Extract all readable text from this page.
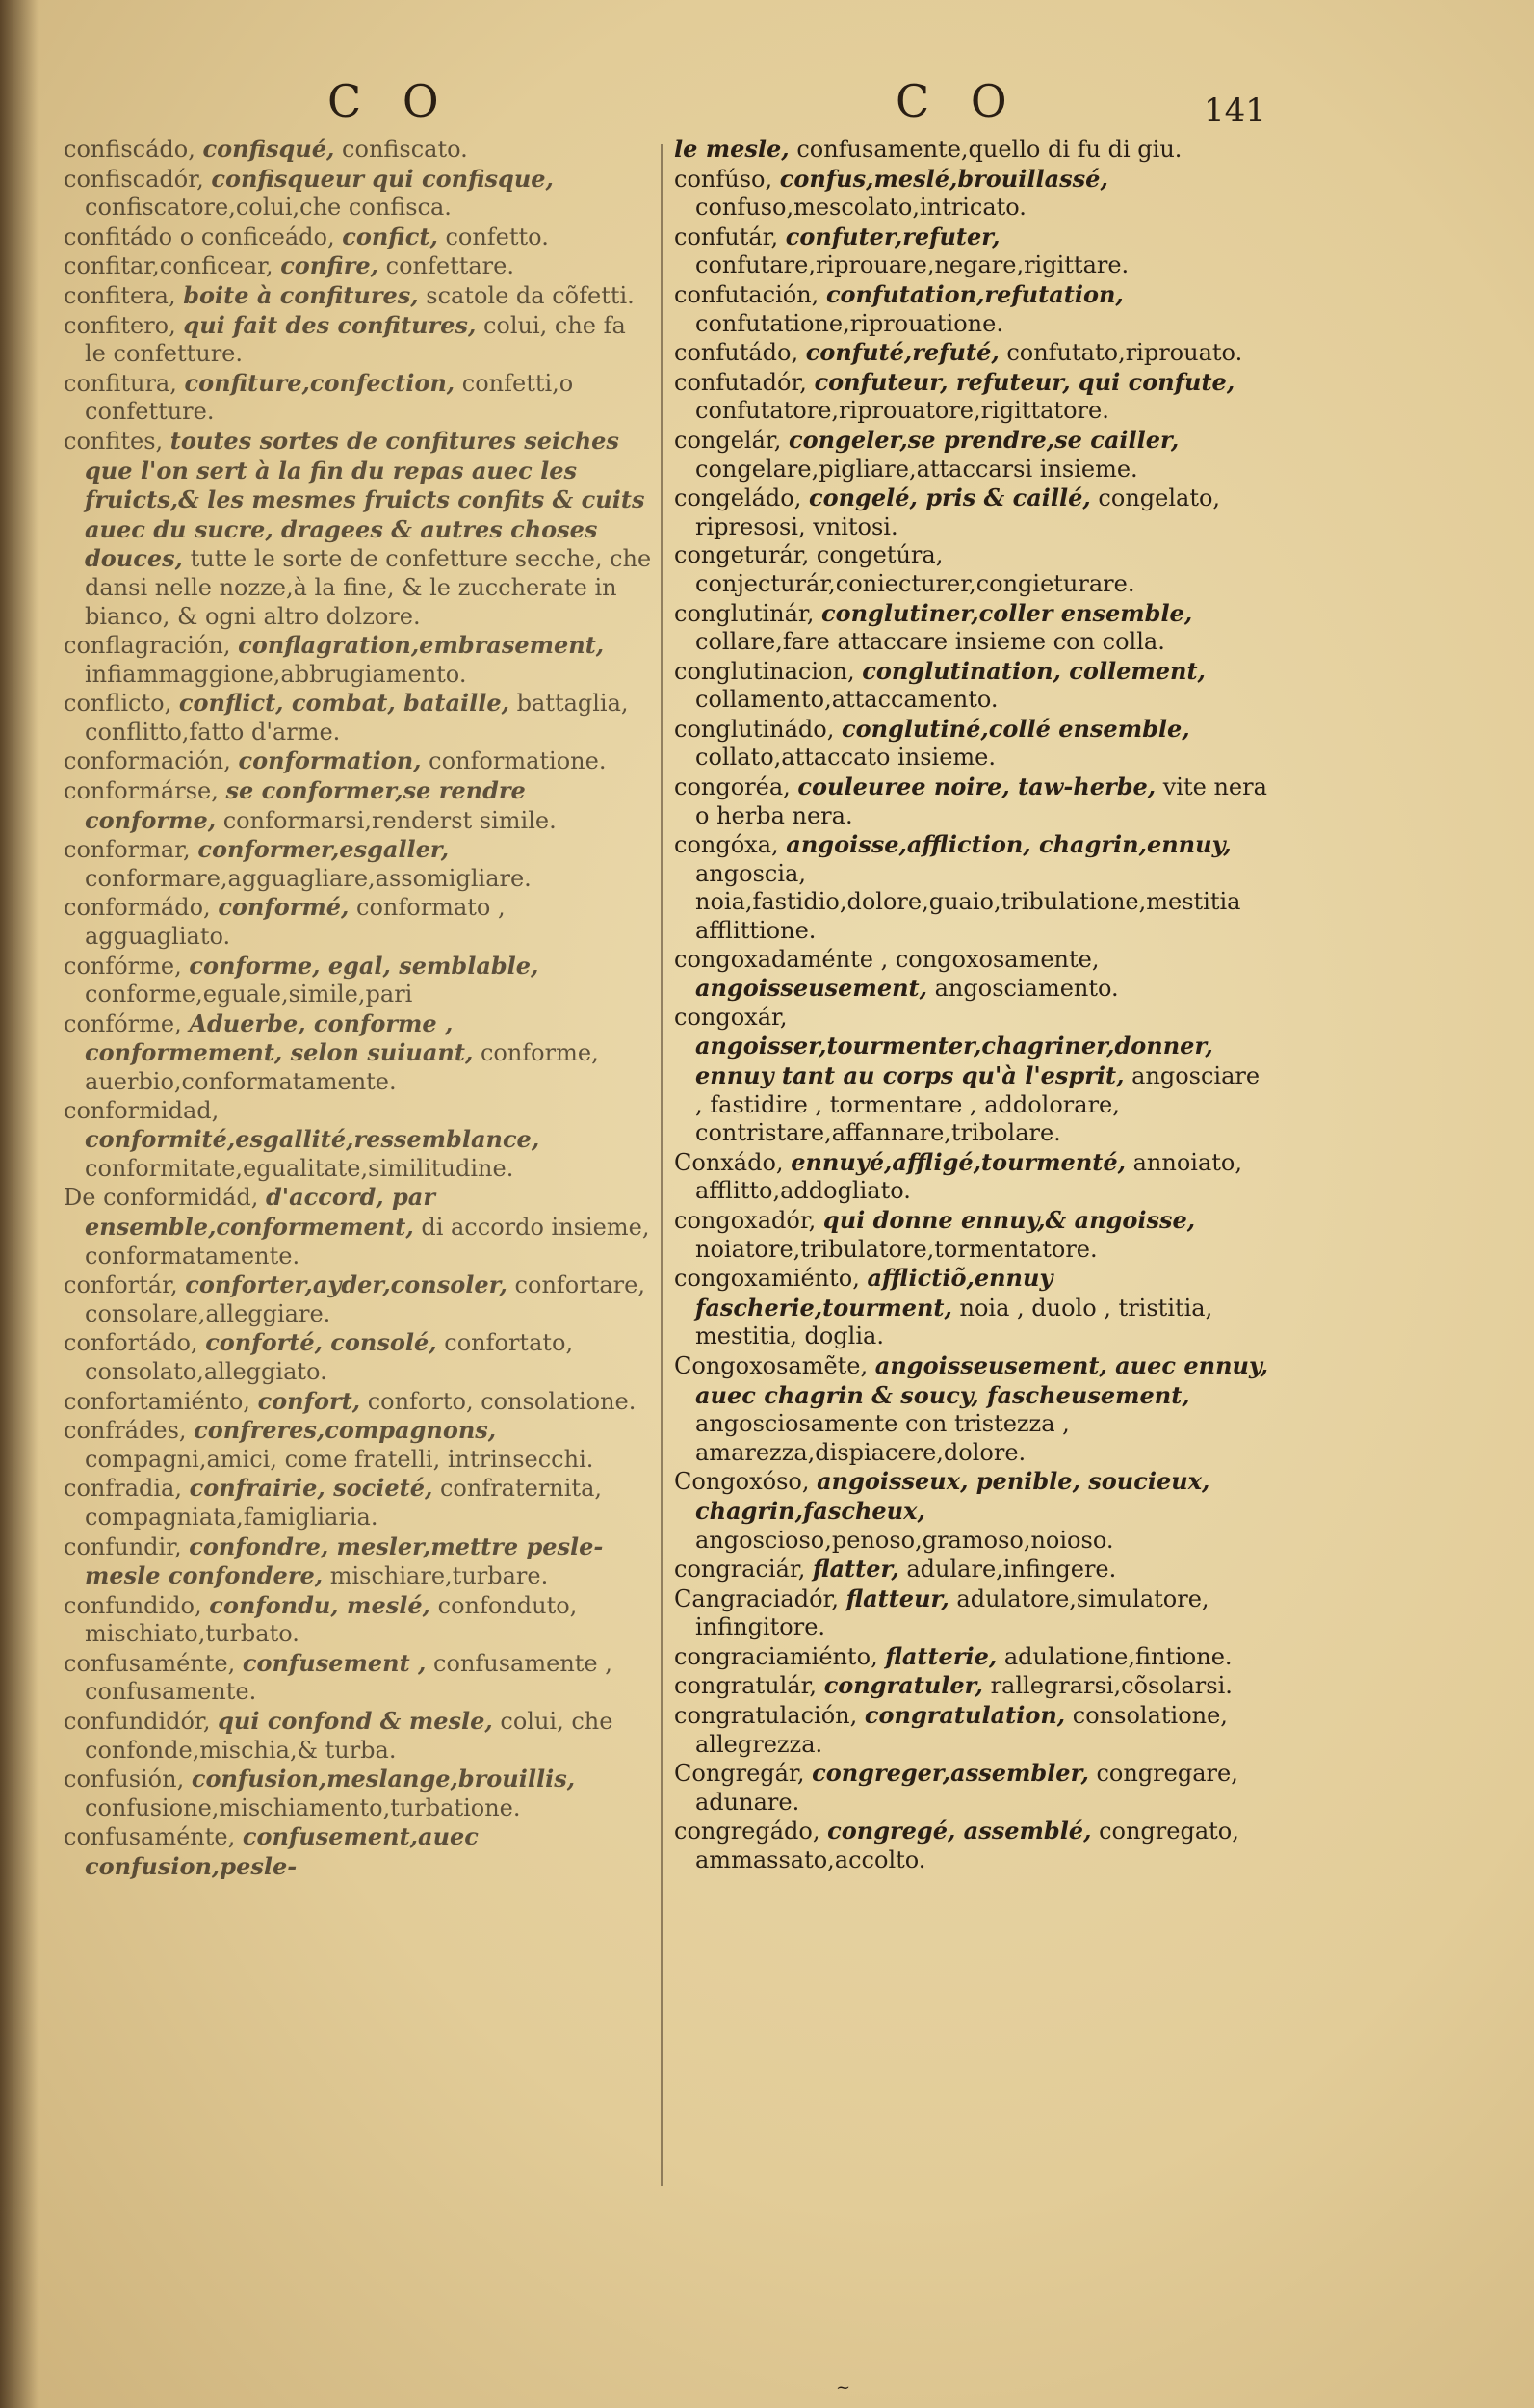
C O	C O	141

confiscádo, confisqué, confiscato.

confiscadór, confisqueur qui confisque, confiscatore,colui,che confisca.

confitádo o conficeádo, confict, confetto.

confitar,conficear, confire, confettare.

confitera, boite à confitures, scatole da cõfetti.

confitero, qui fait des confitures, colui, che fa le confetture.

confitura, confiture,confection, confetti,o confetture.

confites, toutes sortes de confitures seiches que l'on sert à la fin du repas auec les fruicts,& les mesmes fruicts confits & cuits auec du sucre, dragees & autres choses douces, tutte le sorte de confetture secche, che dansi nelle nozze,à la fine, & le zuccherate in bianco, & ogni altro dolzore.

conflagración, conflagration,embrasement, infiammaggione,abbrugiamento.

conflicto, conflict, combat, bataille, battaglia, conflitto,fatto d'arme.

conformación, conformation, conformatione.

conformárse, se conformer,se rendre conforme, conformarsi,renderst simile.

conformar, conformer,esgaller, conformare,agguagliare,assomigliare.

conformádo, conformé, conformato , agguagliato.

confórme, conforme, egal, semblable, conforme,eguale,simile,pari

confórme, Aduerbe, conforme , conformement, selon suiuant, conforme, auerbio,conformatamente.

conformidad, conformité,esgallité,ressemblance, conformitate,egualitate,similitudine.

De conformidád, d'accord, par ensemble,conformement, di accordo insieme, conformatamente.

confortár, conforter,ayder,consoler, confortare, consolare,alleggiare.

confortádo, conforté, consolé, confortato, consolato,alleggiato.

confortamiénto, confort, conforto, consolatione.

confrádes, confreres,compagnons, compagni,amici, come fratelli, intrinsecchi.

confradia, confrairie, societé, confraternita, compagniata,famigliaria.

confundir, confondre, mesler,mettre pesle-mesle confondere, mischiare,turbare.

confundido, confondu, meslé, confonduto, mischiato,turbato.

confusaménte, confusement , confusamente , confusamente.

confundidór, qui confond & mesle, colui, che confonde,mischia,& turba.

confusión, confusion,meslange,brouillis, confusione,mischiamento,turbatione.

confusaménte, confusement,auec confusion,pesle-

le mesle, confusamente,quello di fu di giu.

confúso, confus,meslé,brouillassé, confuso,mescolato,intricato.

confutár, confuter,refuter, confutare,riprouare,negare,rigittare.

confutación, confutation,refutation, confutatione,riprouatione.

confutádo, confuté,refuté, confutato,riprouato.

confutadór, confuteur, refuteur, qui confute, confutatore,riprouatore,rigittatore.

congelár, congeler,se prendre,se cailler, congelare,pigliare,attaccarsi insieme.

congeládo, congelé, pris & caillé, congelato, ripresosi, vnitosi.

congeturár, congetúra, conjecturár,coniecturer,congieturare.

conglutinár, conglutiner,coller ensemble, collare,fare attaccare insieme con colla.

conglutinacion, conglutination, collement, collamento,attaccamento.

conglutinádo, conglutiné,collé ensemble, collato,attaccato insieme.

congoréa, couleuree noire, taw-herbe, vite nera o herba nera.

congóxa, angoisse,affliction, chagrin,ennuy, angoscia, noia,fastidio,dolore,guaio,tribulatione,mestitia afflittione.

congoxadaménte , congoxosamente, angoisseusement, angosciamento.

congoxár, angoisser,tourmenter,chagriner,donner, ennuy tant au corps qu'à l'esprit, angosciare , fastidire , tormentare , addolorare, contristare,affannare,tribolare.

Conxádo, ennuyé,affligé,tourmenté, annoiato, afflitto,addogliato.

congoxadór, qui donne ennuy,& angoisse, noiatore,tribulatore,tormentatore.

congoxamiénto, afflictiõ,ennuy fascherie,tourment, noia , duolo , tristitia, mestitia, doglia.

Congoxosamẽte, angoisseusement, auec ennuy, auec chagrin & soucy, fascheusement, angosciosamente con tristezza , amarezza,dispiacere,dolore.

Congoxóso, angoisseux, penible, soucieux, chagrin,fascheux, angoscioso,penoso,gramoso,noioso.

congraciár, flatter, adulare,infingere.

Cangraciadór, flatteur, adulatore,simulatore, infingitore.

congraciamiénto, flatterie, adulatione,fintione.

congratulár, congratuler, rallegrarsi,cõsolarsi.

congratulación, congratulation, consolatione, allegrezza.

Congregár, congreger,assembler, congregare, adunare.

congregádo, congregé, assemblé, congregato, ammassato,accolto.

~
